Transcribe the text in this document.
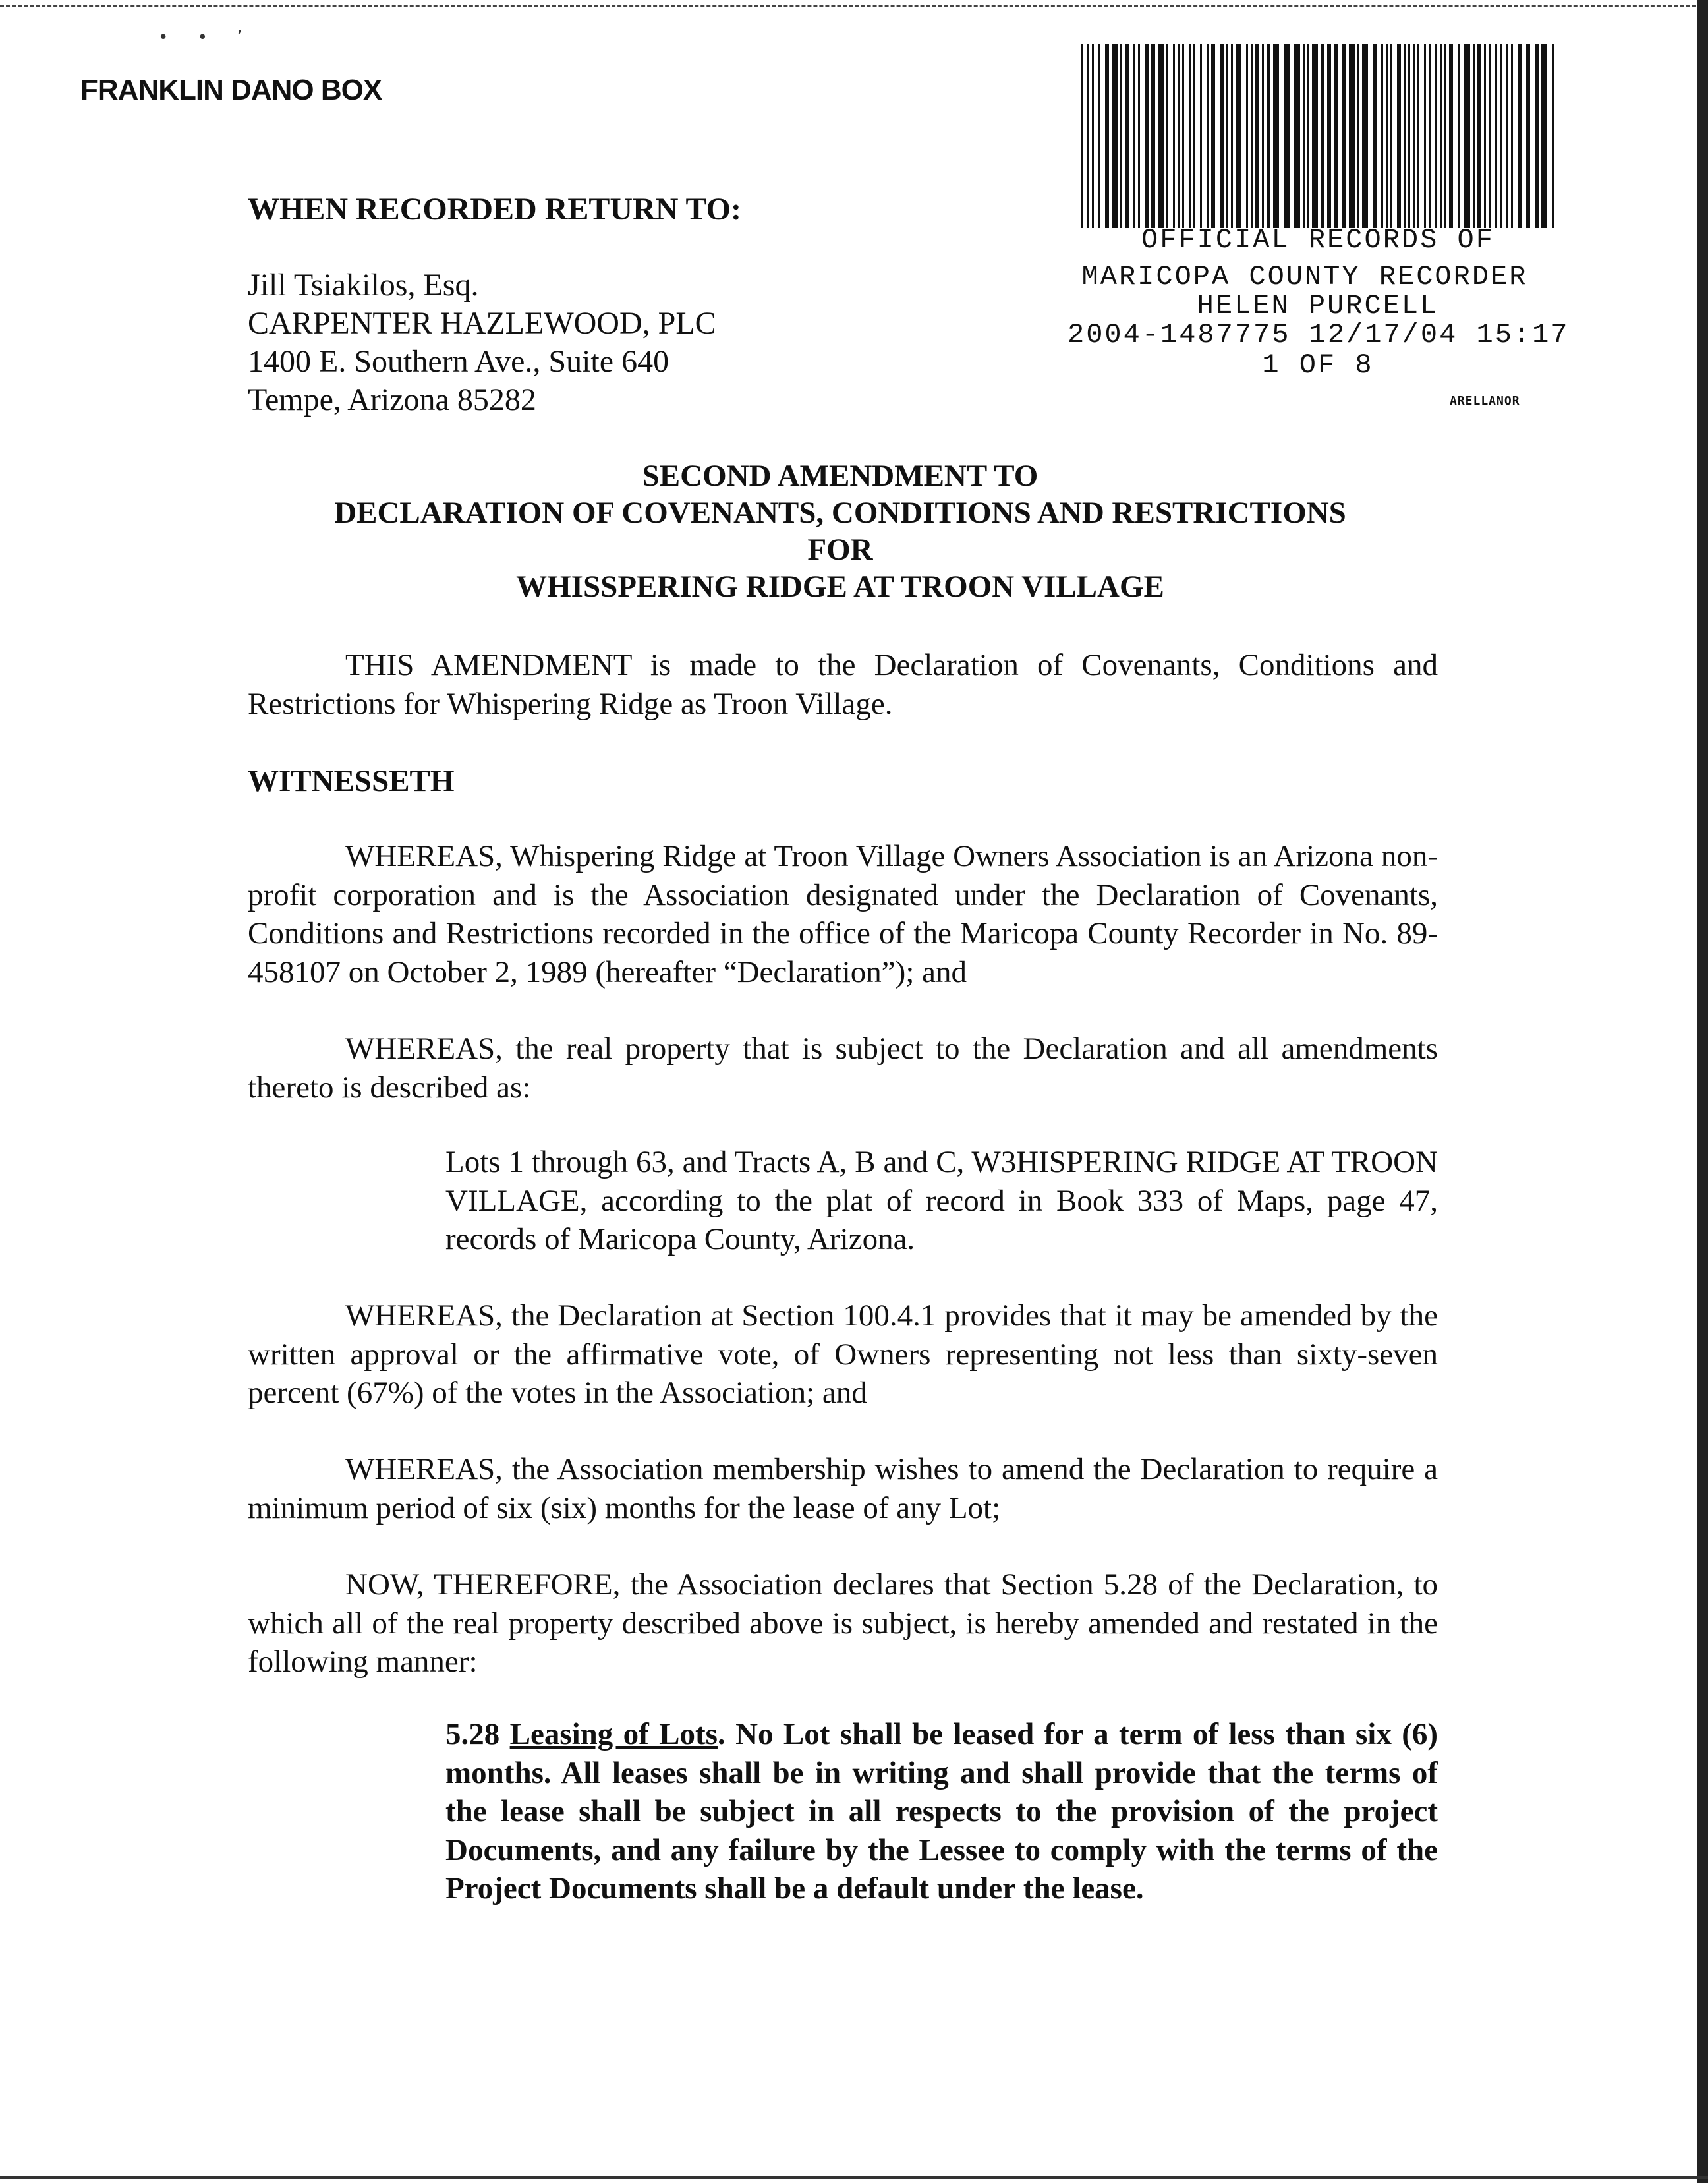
• • ʼ
FRANKLIN DANO BOX
OFFICIAL RECORDS OF
MARICOPA COUNTY RECORDER
HELEN PURCELL
2004-1487775 12/17/04 15:17
1 OF 8
ARELLANOR
WHEN RECORDED RETURN TO:
Jill Tsiakilos, Esq.
CARPENTER HAZLEWOOD, PLC
1400 E. Southern Ave., Suite 640
Tempe, Arizona 85282
SECOND AMENDMENT TO
DECLARATION OF COVENANTS, CONDITIONS AND RESTRICTIONS
FOR
WHISSPERING RIDGE AT TROON VILLAGE
THIS AMENDMENT is made to the Declaration of Covenants, Conditions and Restrictions for Whispering Ridge as Troon Village.
WITNESSETH
WHEREAS, Whispering Ridge at Troon Village Owners Association is an Arizona non-profit corporation and is the Association designated under the Declaration of Covenants, Conditions and Restrictions recorded in the office of the Maricopa County Recorder in No. 89-458107 on October 2, 1989 (hereafter “Declaration”); and
WHEREAS, the real property that is subject to the Declaration and all amendments thereto is described as:
Lots 1 through 63, and Tracts A, B and C, W3HISPERING RIDGE AT TROON VILLAGE, according to the plat of record in Book 333 of Maps, page 47, records of Maricopa County, Arizona.
WHEREAS, the Declaration at Section 100.4.1 provides that it may be amended by the written approval or the affirmative vote, of Owners representing not less than sixty-seven percent (67%) of the votes in the Association; and
WHEREAS, the Association membership wishes to amend the Declaration to require a minimum period of six (six) months for the lease of any Lot;
NOW, THEREFORE, the Association declares that Section 5.28 of the Declaration, to which all of the real property described above is subject, is hereby amended and restated in the following manner:
5.28 Leasing of Lots. No Lot shall be leased for a term of less than six (6) months. All leases shall be in writing and shall provide that the terms of the lease shall be subject in all respects to the provision of the project Documents, and any failure by the Lessee to comply with the terms of the Project Documents shall be a default under the lease.
